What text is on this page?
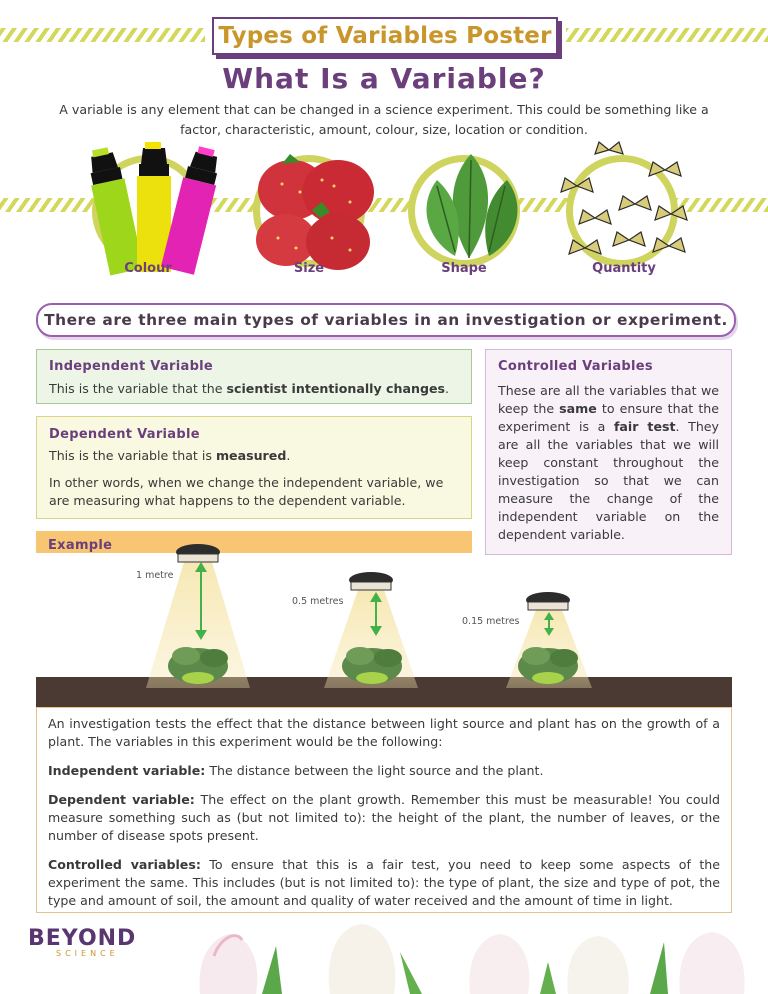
Types of Variables Poster
What Is a Variable?

A variable is any element that can be changed in a science experiment. This could be something like a factor, characteristic, amount, colour, size, location or condition.

Colour	Size	Shape	Quantity
There are three main types of variables in an investigation or experiment.
Independent Variable

This is the variable that the scientist intentionally changes.

Dependent Variable

This is the variable that is measured.

In other words, when we change the independent variable, we are measuring what happens to the dependent variable.

Controlled Variables

These are all the variables that we keep the same to ensure that the experiment is a fair test. They are all the variables that we will keep constant throughout the investigation so that we can measure the change of the independent variable on the dependent variable.

Example
1 metre
0.5 metres
0.15 metres

An investigation tests the effect that the distance between light source and plant has on the growth of a plant. The variables in this experiment would be the following:

Independent variable: The distance between the light source and the plant.

Dependent variable: The effect on the plant growth. Remember this must be measurable! You could measure something such as (but not limited to): the height of the plant, the number of leaves, or the number of disease spots present.

Controlled variables: To ensure that this is a fair test, you need to keep some aspects of the experiment the same. This includes (but is not limited to): the type of plant, the size and type of pot, the type and amount of soil, the amount and quality of water received and the amount of time in light.

BEYOND
SCIENCE
